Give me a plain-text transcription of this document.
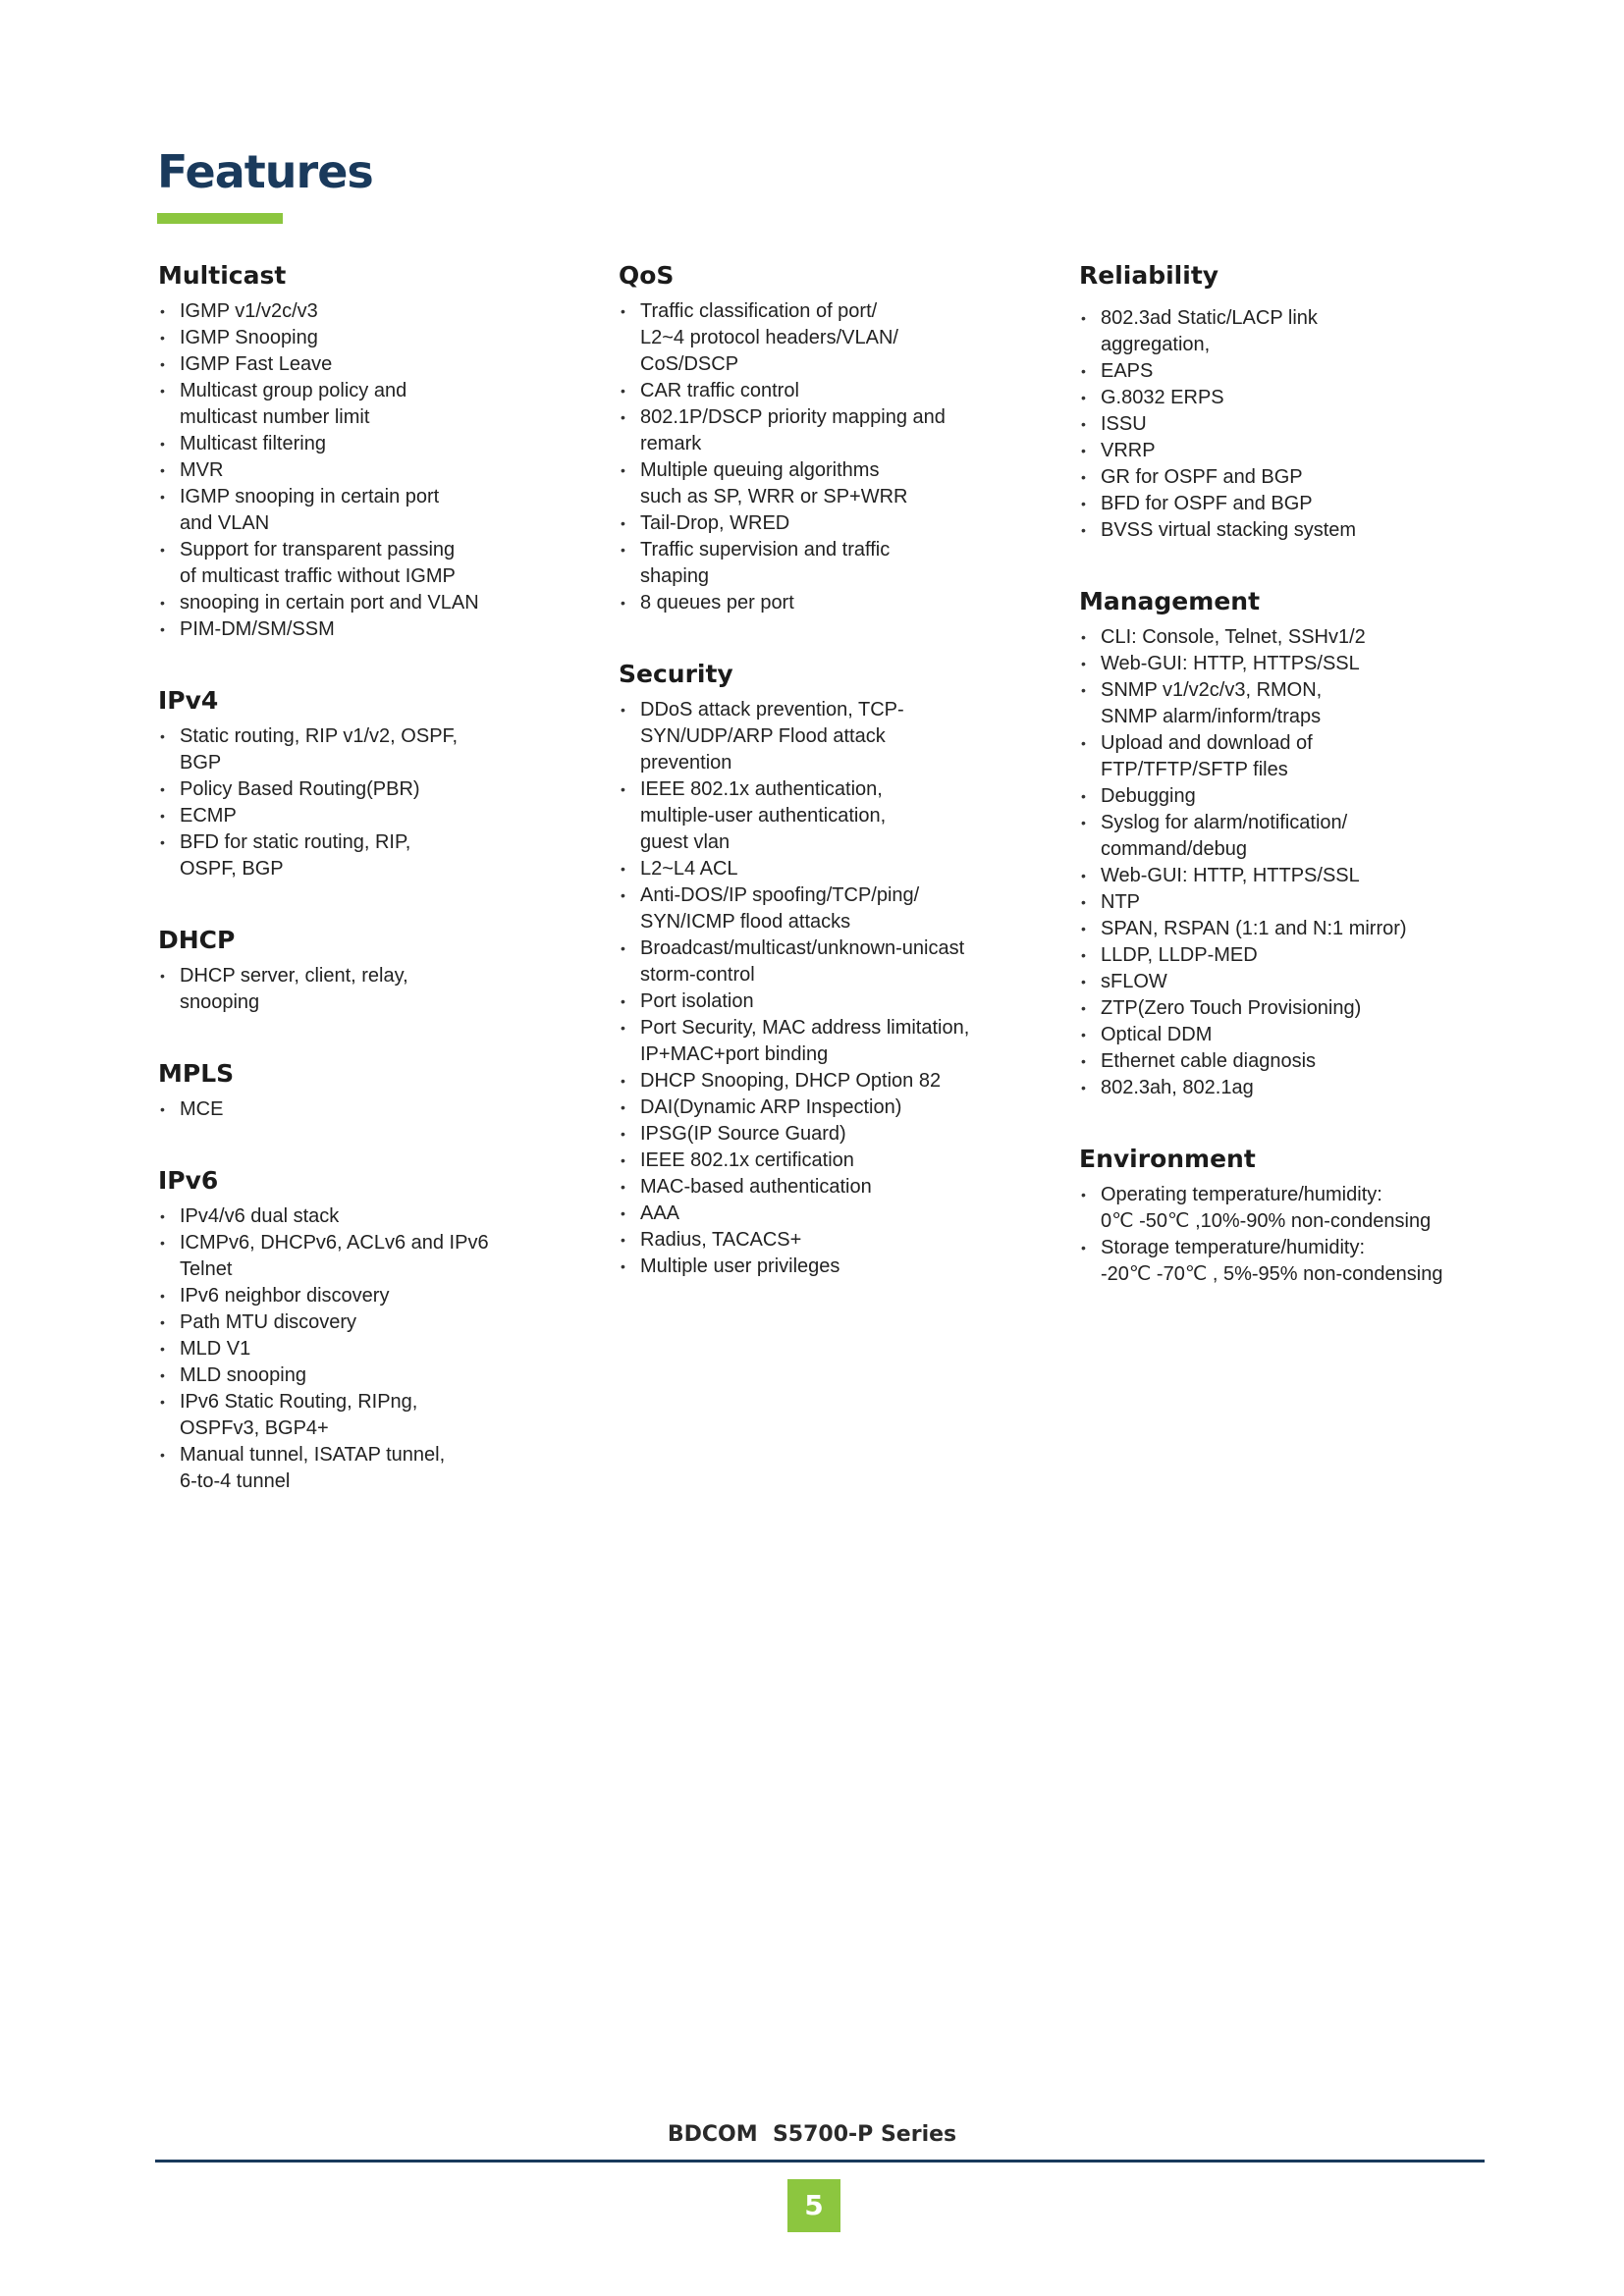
Features
Multicast
• IGMP v1/v2c/v3
• IGMP Snooping
• IGMP Fast Leave
• Multicast group policy and
multicast number limit
• Multicast filtering
• MVR
• IGMP snooping in certain port
and VLAN
• Support for transparent passing
of multicast traffic without IGMP
• snooping in certain port and VLAN
• PIM-DM/SM/SSM
IPv4
• Static routing, RIP v1/v2, OSPF,
BGP
• Policy Based Routing(PBR)
• ECMP
• BFD for static routing, RIP,
OSPF, BGP
DHCP
• DHCP server, client, relay,
snooping
MPLS
• MCE
IPv6
• IPv4/v6 dual stack
• ICMPv6, DHCPv6, ACLv6 and IPv6
Telnet
• IPv6 neighbor discovery
• Path MTU discovery
• MLD V1
• MLD snooping
• IPv6 Static Routing, RIPng,
OSPFv3, BGP4+
• Manual tunnel, ISATAP tunnel,
6-to-4 tunnel
QoS
• Traffic classification of port/
L2~4 protocol headers/VLAN/
CoS/DSCP
• CAR traffic control
• 802.1P/DSCP priority mapping and
remark
• Multiple queuing algorithms
such as SP, WRR or SP+WRR
• Tail-Drop, WRED
• Traffic supervision and traffic
shaping
• 8 queues per port
Security
• DDoS attack prevention, TCP-
SYN/UDP/ARP Flood attack
prevention
• IEEE 802.1x authentication,
multiple-user authentication,
guest vlan
• L2~L4 ACL
• Anti-DOS/IP spoofing/TCP/ping/
SYN/ICMP flood attacks
• Broadcast/multicast/unknown-unicast
storm-control
• Port isolation
• Port Security, MAC address limitation,
IP+MAC+port binding
• DHCP Snooping, DHCP Option 82
• DAI(Dynamic ARP Inspection)
• IPSG(IP Source Guard)
• IEEE 802.1x certification
• MAC-based authentication
• AAA
• Radius, TACACS+
• Multiple user privileges
Reliability
• 802.3ad Static/LACP link
aggregation,
• EAPS
• G.8032 ERPS
• ISSU
• VRRP
• GR for OSPF and BGP
• BFD for OSPF and BGP
• BVSS virtual stacking system
Management
• CLI: Console, Telnet, SSHv1/2
• Web-GUI: HTTP, HTTPS/SSL
• SNMP v1/v2c/v3, RMON,
SNMP alarm/inform/traps
• Upload and download of
FTP/TFTP/SFTP files
• Debugging
• Syslog for alarm/notification/
command/debug
• Web-GUI: HTTP, HTTPS/SSL
• NTP
• SPAN, RSPAN (1:1 and N:1 mirror)
• LLDP, LLDP-MED
• sFLOW
• ZTP(Zero Touch Provisioning)
• Optical DDM
• Ethernet cable diagnosis
• 802.3ah, 802.1ag
Environment
• Operating temperature/humidity:
0℃ -50℃ ,10%-90% non-condensing
• Storage temperature/humidity:
-20℃ -70℃ , 5%-95% non-condensing
BDCOM  S5700-P Series
5
